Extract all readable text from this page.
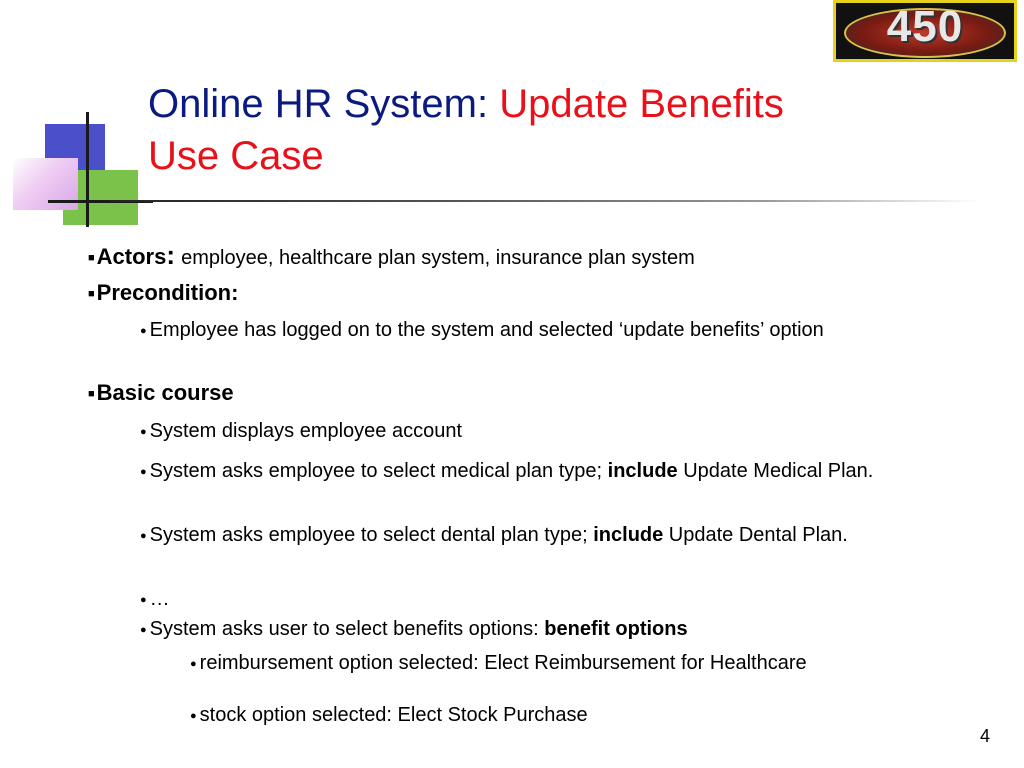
450
Online HR System: Update Benefits
Use Case
■Actors: employee, healthcare plan system, insurance plan system
■Precondition:
● Employee has logged on to the system and selected ‘update benefits’ option
■Basic course
● System displays employee account
● System asks employee to select medical plan type; include Update Medical Plan.
● System asks employee to select dental plan type; include Update Dental Plan.
● …
● System asks user to select benefits options: benefit options
● reimbursement option selected: Elect Reimbursement for Healthcare
● stock option selected: Elect Stock Purchase
4
